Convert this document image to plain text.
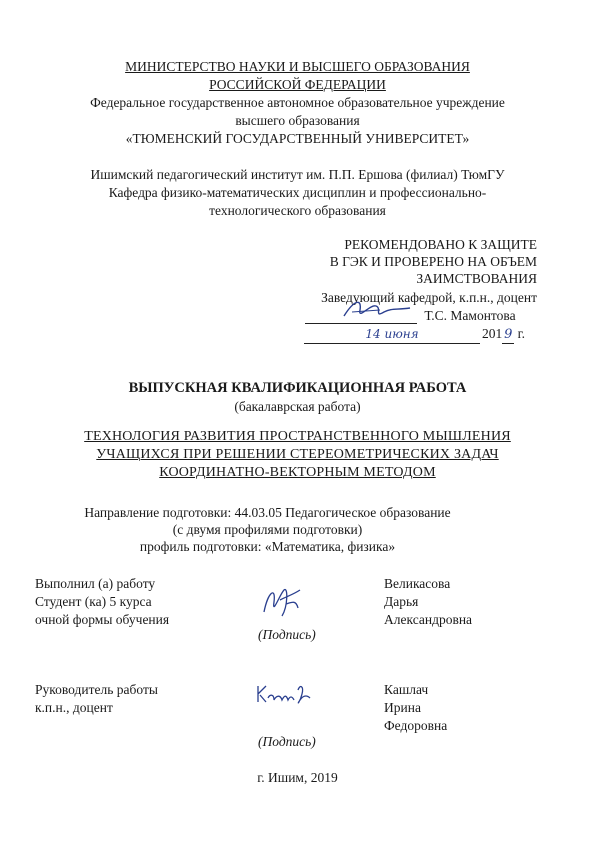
МИНИСТЕРСТВО НАУКИ И ВЫСШЕГО ОБРАЗОВАНИЯ
РОССИЙСКОЙ ФЕДЕРАЦИИ
Федеральное государственное автономное образовательное учреждение
высшего образования
«ТЮМЕНСКИЙ ГОСУДАРСТВЕННЫЙ УНИВЕРСИТЕТ»
Ишимский педагогический институт им. П.П. Ершова (филиал) ТюмГУ
Кафедра физико-математических дисциплин и профессионально-
технологического образования
РЕКОМЕНДОВАНО К ЗАЩИТЕ
В ГЭК И ПРОВЕРЕНО НА ОБЪЕМ
ЗАИМСТВОВАНИЯ
Заведующий кафедрой, к.п.н., доцент
Т.С. Мамонтова
14 июня	201 9 г.
ВЫПУСКНАЯ КВАЛИФИКАЦИОННАЯ РАБОТА
(бакалаврская работа)
ТЕХНОЛОГИЯ РАЗВИТИЯ ПРОСТРАНСТВЕННОГО МЫШЛЕНИЯ
УЧАЩИХСЯ ПРИ РЕШЕНИИ СТЕРЕОМЕТРИЧЕСКИХ ЗАДАЧ
КООРДИНАТНО-ВЕКТОРНЫМ МЕТОДОМ
Направление подготовки: 44.03.05 Педагогическое образование
(с двумя профилями подготовки)
профиль подготовки: «Математика, физика»
Выполнил (а) работу
Студент (ка) 5 курса
очной формы обучения
(Подпись)
Великасова
Дарья
Александровна
Руководитель работы
к.п.н., доцент
(Подпись)
Кашлач
Ирина
Федоровна
г. Ишим, 2019
